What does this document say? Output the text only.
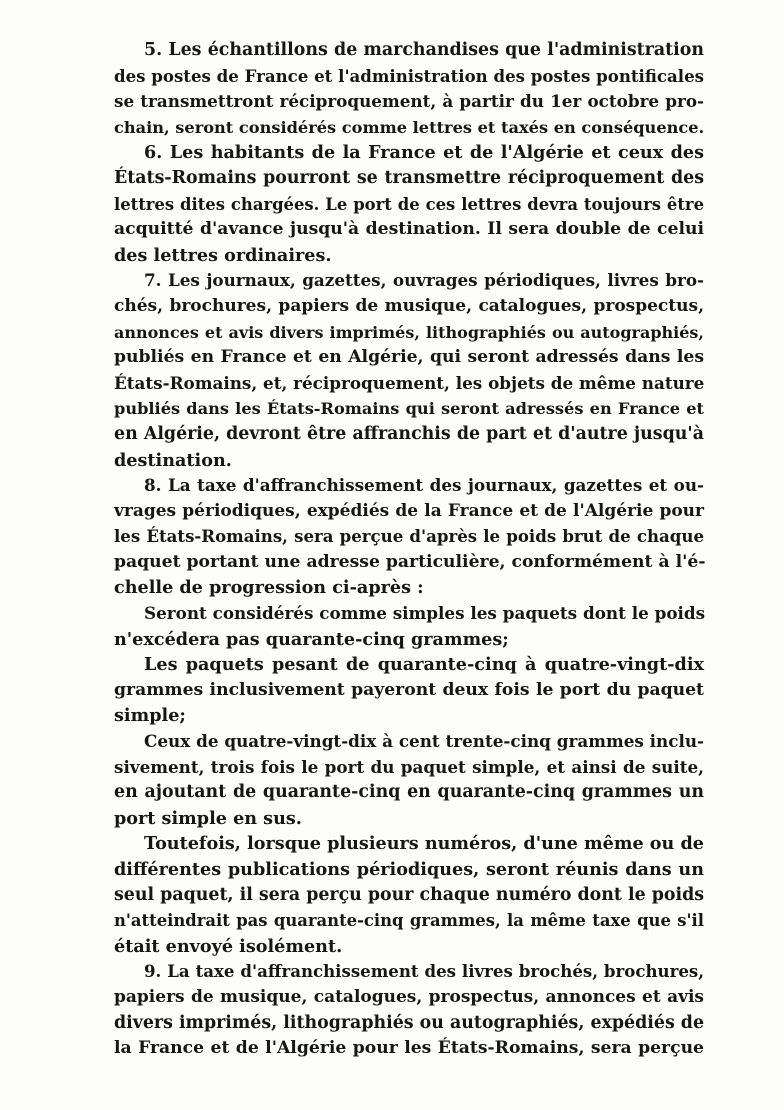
5. Les échantillons de marchandises que l'administration
des postes de France et l'administration des postes pontificales
se transmettront réciproquement, à partir du 1er octobre pro-
chain, seront considérés comme lettres et taxés en conséquence.
6. Les habitants de la France et de l'Algérie et ceux des
États-Romains pourront se transmettre réciproquement des
lettres dites chargées. Le port de ces lettres devra toujours être
acquitté d'avance jusqu'à destination. Il sera double de celui
des lettres ordinaires.
7. Les journaux, gazettes, ouvrages périodiques, livres bro-
chés, brochures, papiers de musique, catalogues, prospectus,
annonces et avis divers imprimés, lithographiés ou autographiés,
publiés en France et en Algérie, qui seront adressés dans les
États-Romains, et, réciproquement, les objets de même nature
publiés dans les États-Romains qui seront adressés en France et
en Algérie, devront être affranchis de part et d'autre jusqu'à
destination.
8. La taxe d'affranchissement des journaux, gazettes et ou-
vrages périodiques, expédiés de la France et de l'Algérie pour
les États-Romains, sera perçue d'après le poids brut de chaque
paquet portant une adresse particulière, conformément à l'é-
chelle de progression ci-après :
Seront considérés comme simples les paquets dont le poids
n'excédera pas quarante-cinq grammes;
Les paquets pesant de quarante-cinq à quatre-vingt-dix
grammes inclusivement payeront deux fois le port du paquet
simple;
Ceux de quatre-vingt-dix à cent trente-cinq grammes inclu-
sivement, trois fois le port du paquet simple, et ainsi de suite,
en ajoutant de quarante-cinq en quarante-cinq grammes un
port simple en sus.
Toutefois, lorsque plusieurs numéros, d'une même ou de
différentes publications périodiques, seront réunis dans un
seul paquet, il sera perçu pour chaque numéro dont le poids
n'atteindrait pas quarante-cinq grammes, la même taxe que s'il
était envoyé isolément.
9. La taxe d'affranchissement des livres brochés, brochures,
papiers de musique, catalogues, prospectus, annonces et avis
divers imprimés, lithographiés ou autographiés, expédiés de
la France et de l'Algérie pour les États-Romains, sera perçue
